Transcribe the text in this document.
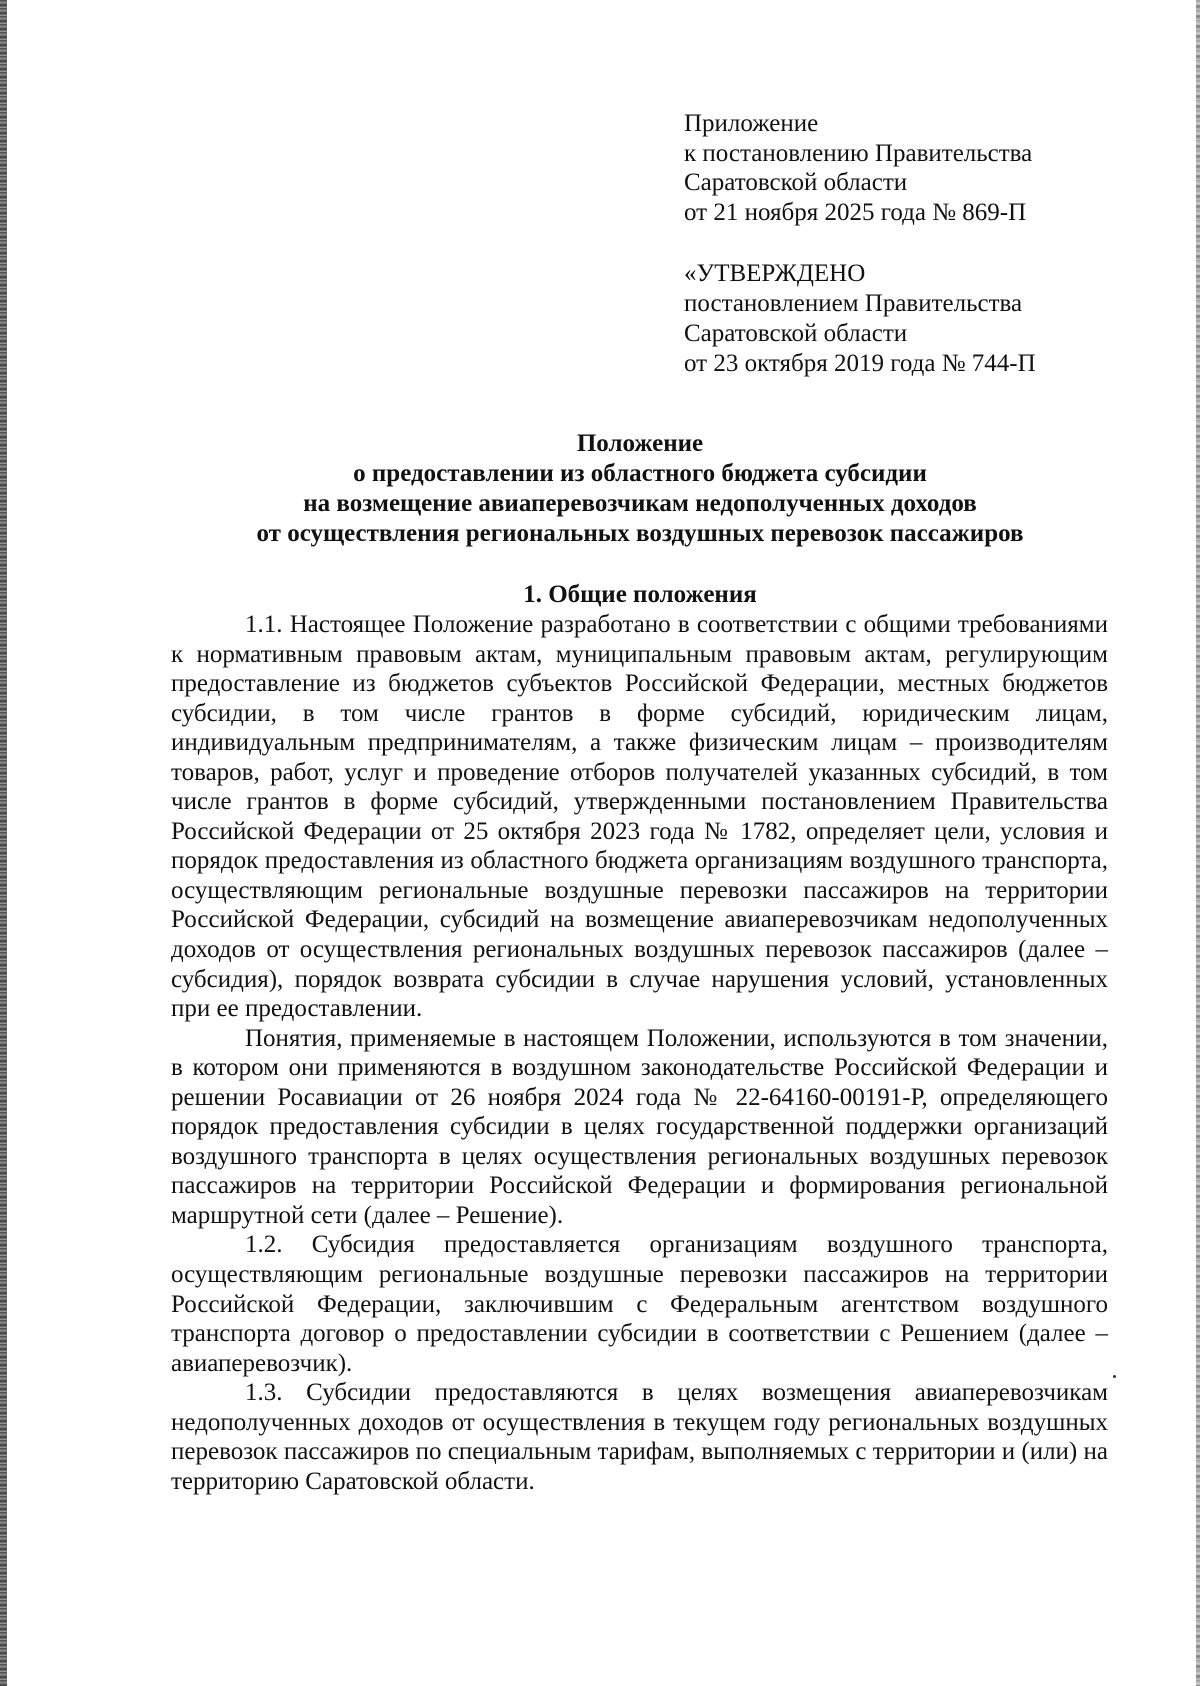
Приложение
к постановлению Правительства
Саратовской области
от 21 ноября 2025 года № 869-П
«УТВЕРЖДЕНО
постановлением Правительства
Саратовской области
от 23 октября 2019 года № 744-П
Положение
о предоставлении из областного бюджета субсидии
на возмещение авиаперевозчикам недополученных доходов
от осуществления региональных воздушных перевозок пассажиров
1. Общие положения

1.1. Настоящее Положение разработано в соответствии с общими требованиями к нормативным правовым актам, муниципальным правовым актам, регулирующим предоставление из бюджетов субъектов Российской Федерации, местных бюджетов субсидии, в том числе грантов в форме субсидий, юридическим лицам, индивидуальным предпринимателям, а также физическим лицам – производителям товаров, работ, услуг и проведение отборов получателей указанных субсидий, в том числе грантов в форме субсидий, утвержденными постановлением Правительства Российской Федерации от 25 октября 2023 года № 1782, определяет цели, условия и порядок предоставления из областного бюджета организациям воздушного транспорта, осуществляющим региональные воздушные перевозки пассажиров на территории Российской Федерации, субсидий на возмещение авиаперевозчикам недополученных доходов от осуществления региональных воздушных перевозок пассажиров (далее – субсидия), порядок возврата субсидии в случае нарушения условий, установленных при ее предоставлении.

Понятия, применяемые в настоящем Положении, используются в том значении, в котором они применяются в воздушном законодательстве Российской Федерации и решении Росавиации от 26 ноября 2024 года № 22-64160-00191-Р, определяющего порядок предоставления субсидии в целях государственной поддержки организаций воздушного транспорта в целях осуществления региональных воздушных перевозок пассажиров на территории Российской Федерации и формирования региональной маршрутной сети (далее – Решение).

1.2. Субсидия предоставляется организациям воздушного транспорта, осуществляющим региональные воздушные перевозки пассажиров на территории Российской Федерации, заключившим с Федеральным агентством воздушного транспорта договор о предоставлении субсидии в соответствии с Решением (далее – авиаперевозчик).

1.3. Субсидии предоставляются в целях возмещения авиаперевозчикам недополученных доходов от осуществления в текущем году региональных воздушных перевозок пассажиров по специальным тарифам, выполняемых с территории и (или) на территорию Саратовской области.
